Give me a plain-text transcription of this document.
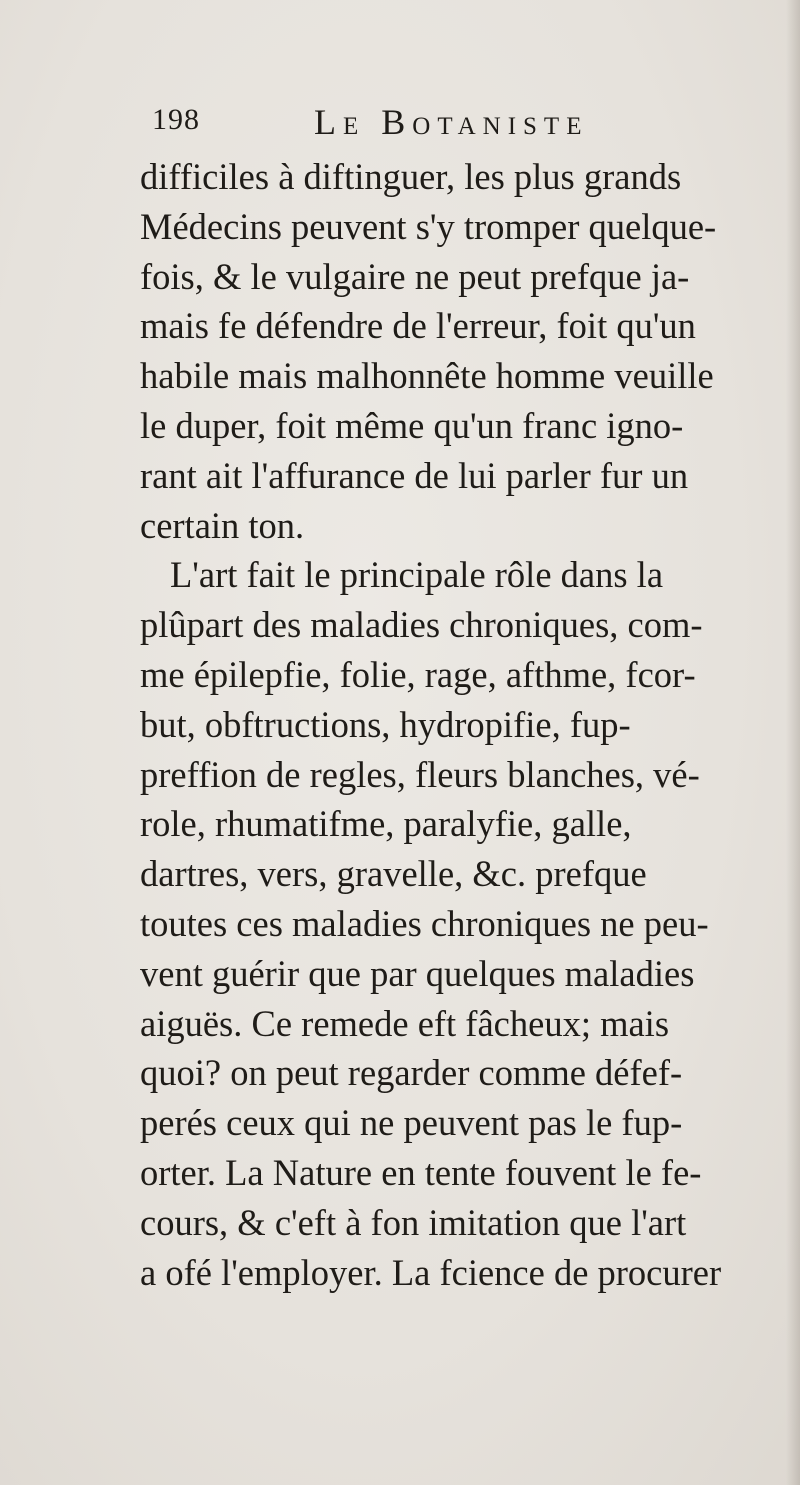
198	Le Botaniste
difficiles à diftinguer, les plus grands
Médecins peuvent s'y tromper quelque-
fois, & le vulgaire ne peut prefque ja-
mais fe défendre de l'erreur, foit qu'un
habile mais malhonnête homme veuille
le duper, foit même qu'un franc igno-
rant ait l'affurance de lui parler fur un
certain ton.
L'art fait le principale rôle dans la
plûpart des maladies chroniques, com-
me épilepfie, folie, rage, afthme, fcor-
but, obftructions, hydropifie, fup-
preffion de regles, fleurs blanches, vé-
role, rhumatifme, paralyfie, galle,
dartres, vers, gravelle, &c. prefque
toutes ces maladies chroniques ne peu-
vent guérir que par quelques maladies
aiguës. Ce remede eft fâcheux; mais
quoi? on peut regarder comme défef-
perés ceux qui ne peuvent pas le fup-
orter. La Nature en tente fouvent le fe-
cours, & c'eft à fon imitation que l'art
a ofé l'employer. La fcience de procurer
